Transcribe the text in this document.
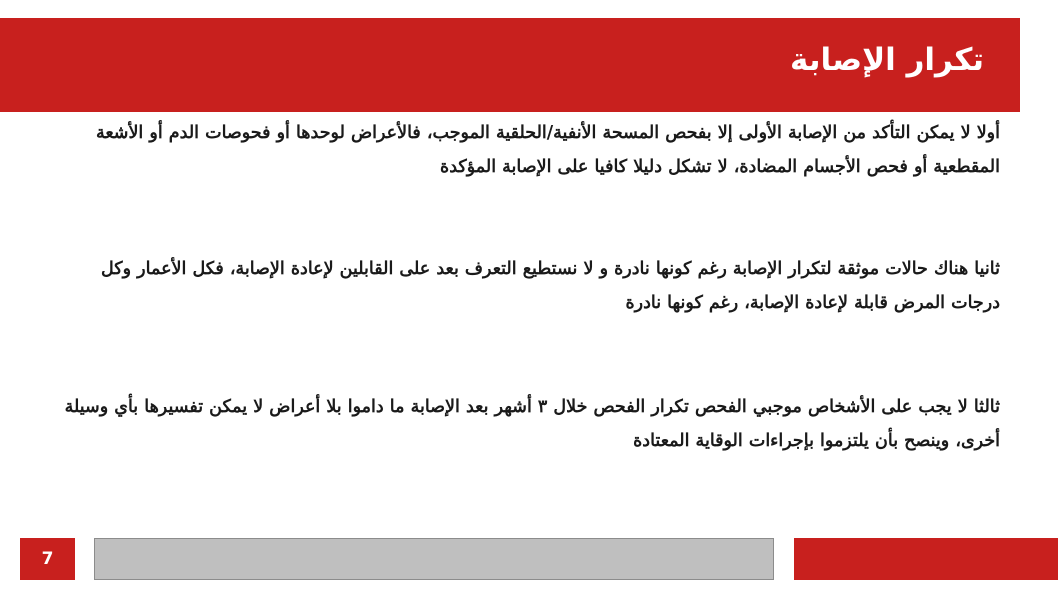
تكرار الإصابة

أولا لا يمكن التأكد من الإصابة الأولى إلا بفحص المسحة الأنفية/الحلقية الموجب، فالأعراض لوحدها أو فحوصات الدم أو الأشعة المقطعية أو فحص الأجسام المضادة، لا تشكل دليلا كافيا على الإصابة المؤكدة

ثانيا هناك حالات موثقة لتكرار الإصابة رغم كونها نادرة و لا نستطيع التعرف بعد على القابلين لإعادة الإصابة، فكل الأعمار وكل درجات المرض قابلة لإعادة الإصابة، رغم كونها نادرة

ثالثا لا يجب على الأشخاص موجبي الفحص تكرار الفحص خلال ٣ أشهر بعد الإصابة ما داموا بلا أعراض لا يمكن تفسيرها بأي وسيلة أخرى، وينصح بأن يلتزموا بإجراءات الوقاية المعتادة

7
